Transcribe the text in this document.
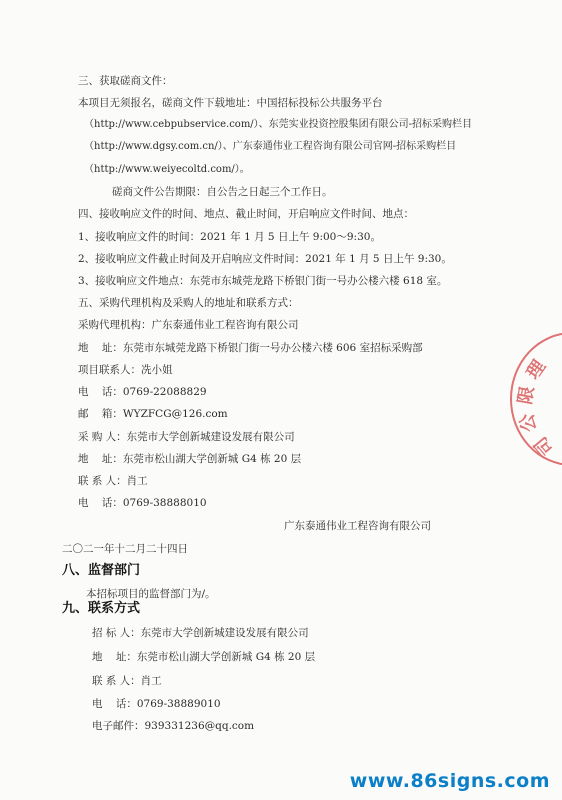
三、获取磋商文件：
本项目无须报名，磋商文件下载地址：中国招标投标公共服务平台
（http://www.cebpubservice.com/）、东莞实业投资控股集团有限公司-招标采购栏目
（http://www.dgsy.com.cn/）、广东泰通伟业工程咨询有限公司官网-招标采购栏目
（http://www.weiyecoltd.com/）。
磋商文件公告期限：自公告之日起三个工作日。
四、接收响应文件的时间、地点、截止时间，开启响应文件时间、地点：
1、接收响应文件的时间：2021 年 1 月 5 日上午 9:00～9:30。
2、接收响应文件截止时间及开启响应文件时间：2021 年 1 月 5 日上午 9:30。
3、接收响应文件地点：东莞市东城莞龙路下桥银门街一号办公楼六楼 618 室。
五、采购代理机构及采购人的地址和联系方式：
采购代理机构：广东泰通伟业工程咨询有限公司
地    址：东莞市东城莞龙路下桥银门街一号办公楼六楼 606 室招标采购部
项目联系人：冼小姐
电    话：0769-22088829
邮    箱：WYZFCG@126.com
采 购 人：东莞市大学创新城建设发展有限公司
地    址：东莞市松山湖大学创新城 G4 栋 20 层
联 系 人：肖工
电    话：0769-38888010
广东泰通伟业工程咨询有限公司
二〇二一年十二月二十四日
八、监督部门
本招标项目的监督部门为/。
九、联系方式
招 标 人：东莞市大学创新城建设发展有限公司
地    址：东莞市松山湖大学创新城 G4 栋 20 层
联 系 人：肖工
电    话：0769-38889010
电子邮件：939331236@qq.com
理
限
公
司
www.86signs.com
